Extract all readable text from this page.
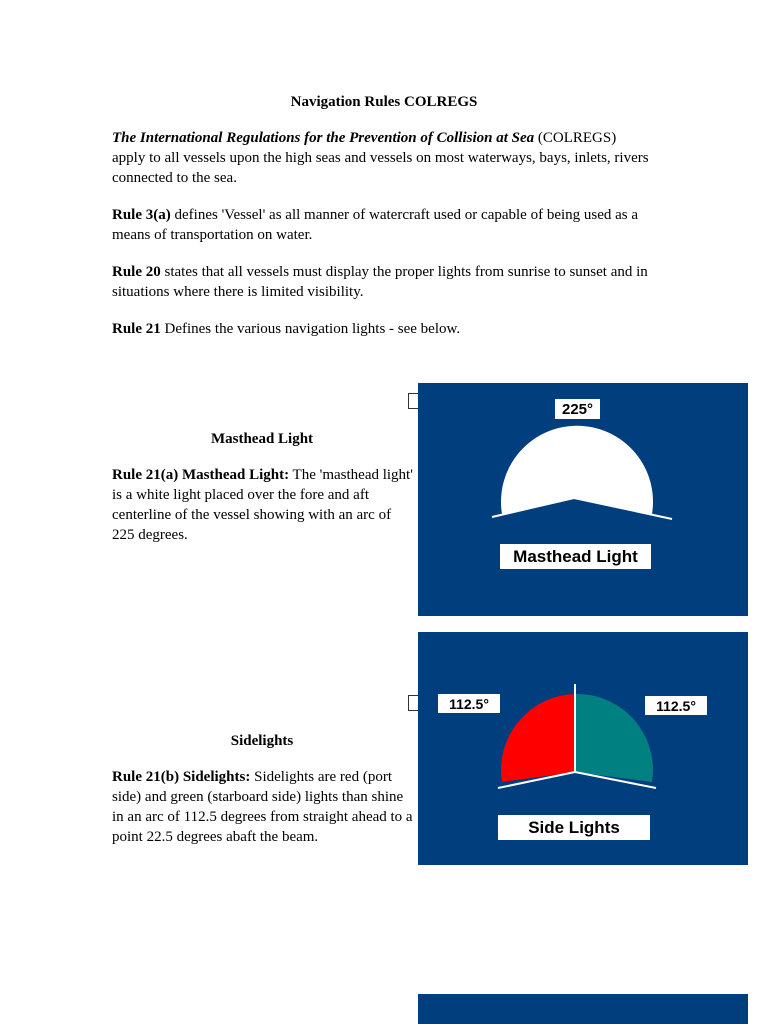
Navigation Rules COLREGS
The International Regulations for the Prevention of Collision at Sea (COLREGS) apply to all vessels upon the high seas and vessels on most waterways, bays, inlets, rivers connected to the sea.
Rule 3(a) defines 'Vessel' as all manner of watercraft used or capable of being used as a means of transportation on water.
Rule 20 states that all vessels must display the proper lights from sunrise to sunset and in situations where there is limited visibility.
Rule 21 Defines the various navigation lights - see below.
Masthead Light
Rule 21(a) Masthead Light: The 'masthead light' is a white light placed over the fore and aft centerline of the vessel showing with an arc of 225 degrees.
225°
Masthead Light
Sidelights
Rule 21(b) Sidelights: Sidelights are red (port side) and green (starboard side) lights than shine in an arc of 112.5 degrees from straight ahead to a point 22.5 degrees abaft the beam.
112.5°	112.5°
Side Lights
